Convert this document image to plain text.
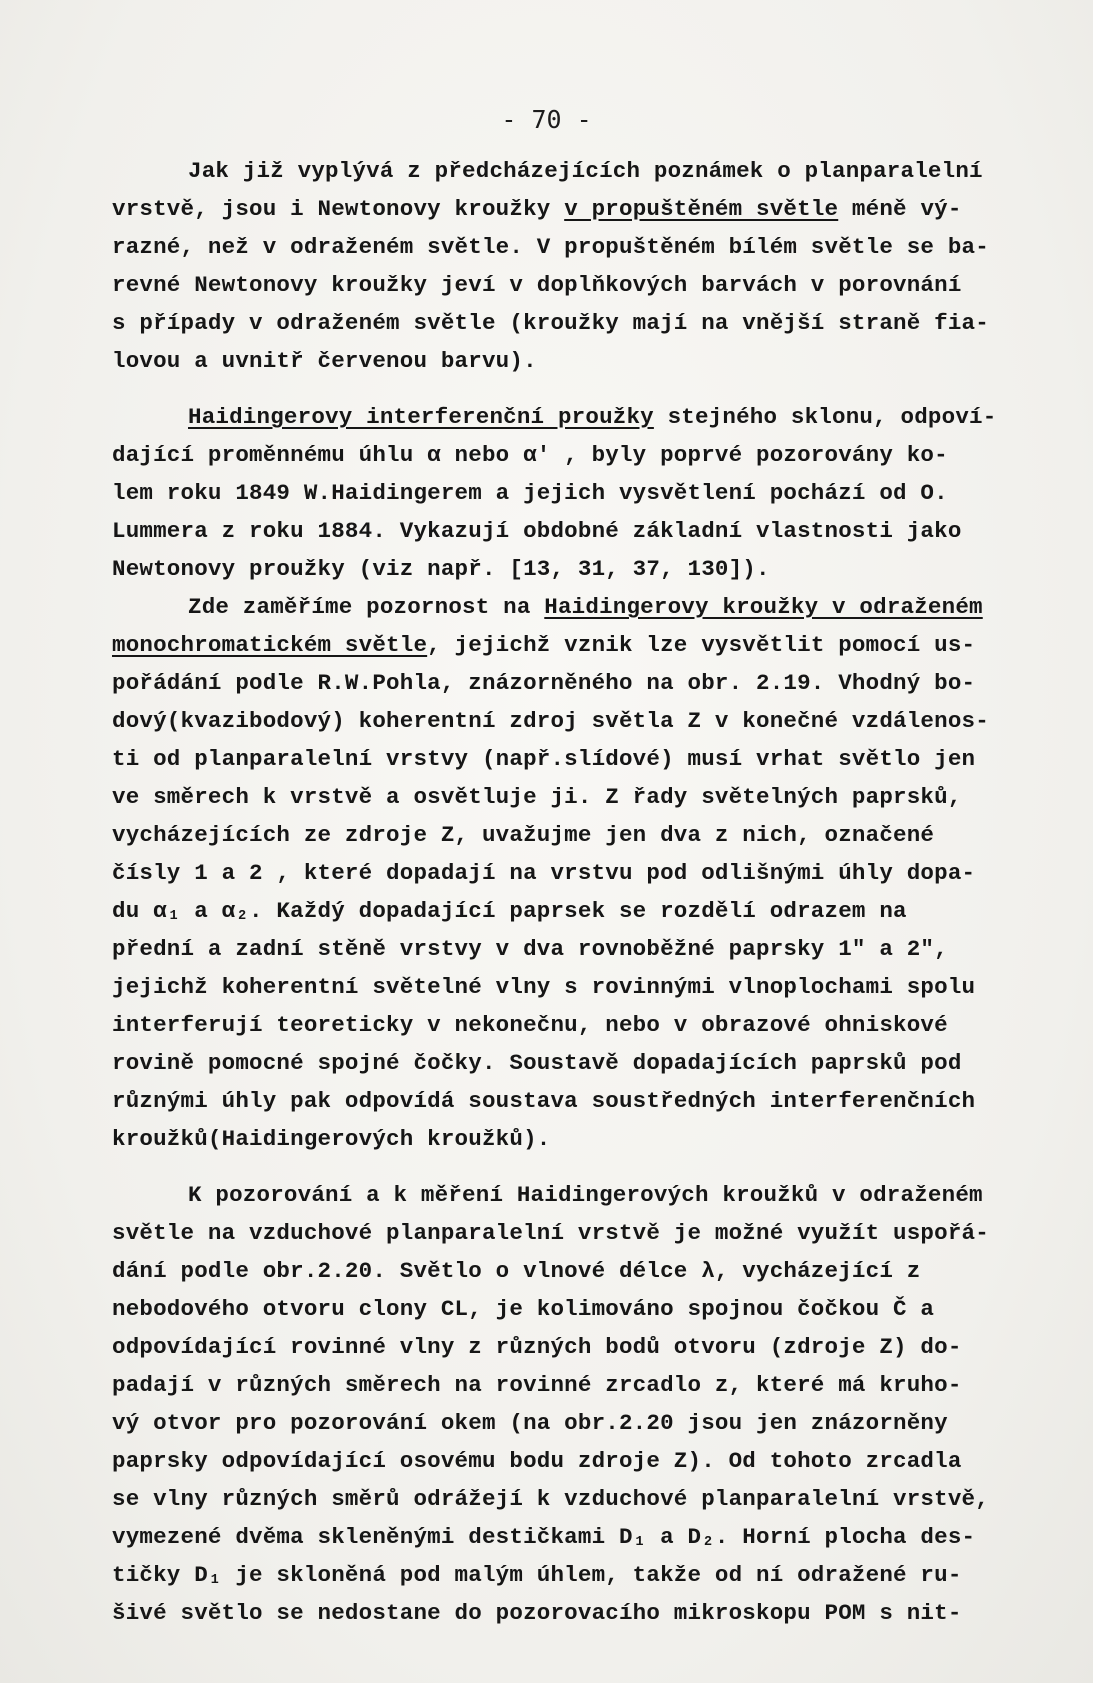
- 70 -
Jak již vyplývá z předcházejících poznámek o planparalelní
vrstvě, jsou i Newtonovy kroužky v propuštěném světle méně vý-
razné, než v odraženém světle. V propuštěném bílém světle se ba-
revné Newtonovy kroužky jeví v doplňkových barvách v porovnání
s případy v odraženém světle (kroužky mají na vnější straně fia-
lovou a uvnitř červenou barvu).
Haidingerovy interferenční proužky stejného sklonu, odpoví-
dající proměnnému úhlu α nebo α′ , byly poprvé pozorovány ko-
lem roku 1849 W.Haidingerem a jejich vysvětlení pochází od O.
Lummera z roku 1884. Vykazují obdobné základní vlastnosti jako
Newtonovy proužky (viz např. [13, 31, 37, 130]).
Zde zaměříme pozornost na Haidingerovy kroužky v odraženém
monochromatickém světle, jejichž vznik lze vysvětlit pomocí us-
pořádání podle R.W.Pohla, znázorněného na obr. 2.19. Vhodný bo-
dový(kvazibodový) koherentní zdroj světla Z v konečné vzdálenos-
ti od planparalelní vrstvy (např.slídové) musí vrhat světlo jen
ve směrech k vrstvě a osvětluje ji. Z řady světelných paprsků,
vycházejících ze zdroje Z, uvažujme jen dva z nich, označené
čísly 1 a 2 , které dopadají na vrstvu pod odlišnými úhly dopa-
du α₁ a α₂. Každý dopadající paprsek se rozdělí odrazem na
přední a zadní stěně vrstvy v dva rovnoběžné paprsky 1″ a 2″,
jejichž koherentní světelné vlny s rovinnými vlnoplochami spolu
interferují teoreticky v nekonečnu, nebo v obrazové ohniskové
rovině pomocné spojné čočky. Soustavě dopadajících paprsků pod
různými úhly pak odpovídá soustava soustředných interferenčních
kroužků(Haidingerových kroužků).
K pozorování a k měření Haidingerových kroužků v odraženém
světle na vzduchové planparalelní vrstvě je možné využít uspořá-
dání podle obr.2.20. Světlo o vlnové délce λ, vycházející z
nebodového otvoru clony CL, je kolimováno spojnou čočkou Č a
odpovídající rovinné vlny z různých bodů otvoru (zdroje Z) do-
padají v různých směrech na rovinné zrcadlo z, které má kruho-
vý otvor pro pozorování okem (na obr.2.20 jsou jen znázorněny
paprsky odpovídající osovému bodu zdroje Z). Od tohoto zrcadla
se vlny různých směrů odrážejí k vzduchové planparalelní vrstvě,
vymezené dvěma skleněnými destičkami D₁ a D₂. Horní plocha des-
tičky D₁ je skloněná pod malým úhlem, takže od ní odražené ru-
šivé světlo se nedostane do pozorovacího mikroskopu POM s nit-
